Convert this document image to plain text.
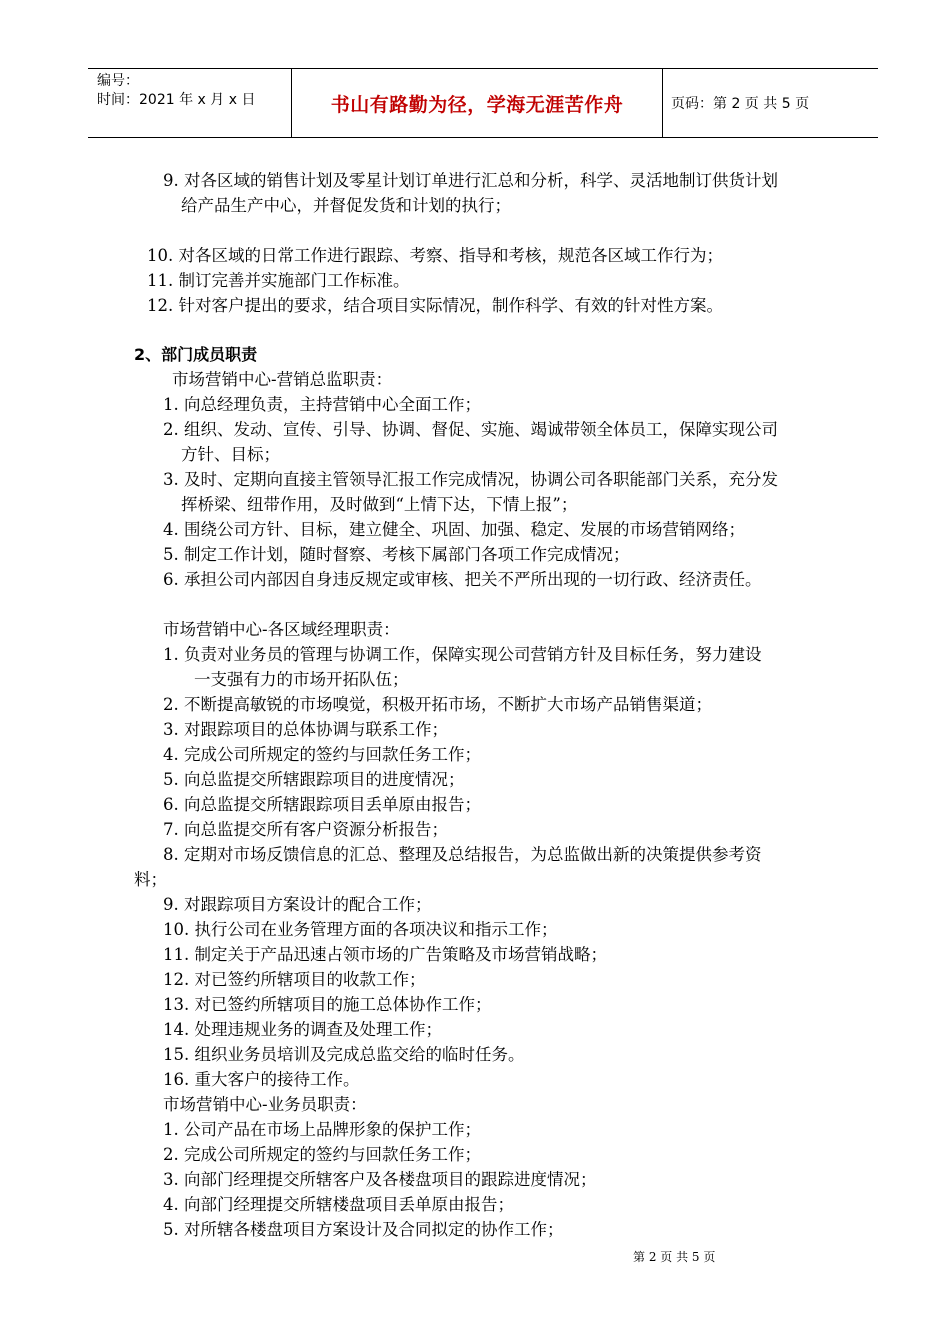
编号：
时间：2021 年 x 月 x 日	书山有路勤为径，学海无涯苦作舟	页码：第 2 页 共 5 页
9. 对各区域的销售计划及零星计划订单进行汇总和分析，科学、灵活地制订供货计划
给产品生产中心，并督促发货和计划的执行；
10. 对各区域的日常工作进行跟踪、考察、指导和考核，规范各区域工作行为；
11. 制订完善并实施部门工作标准。
12. 针对客户提出的要求，结合项目实际情况，制作科学、有效的针对性方案。
2、部门成员职责
市场营销中心-营销总监职责：
1. 向总经理负责，主持营销中心全面工作；
2. 组织、发动、宣传、引导、协调、督促、实施、竭诚带领全体员工，保障实现公司
方针、目标；
3. 及时、定期向直接主管领导汇报工作完成情况，协调公司各职能部门关系，充分发
挥桥梁、纽带作用，及时做到“上情下达，下情上报”；
4. 围绕公司方针、目标，建立健全、巩固、加强、稳定、发展的市场营销网络；
5. 制定工作计划，随时督察、考核下属部门各项工作完成情况；
6. 承担公司内部因自身违反规定或审核、把关不严所出现的一切行政、经济责任。
市场营销中心-各区域经理职责：
1. 负责对业务员的管理与协调工作，保障实现公司营销方针及目标任务，努力建设
一支强有力的市场开拓队伍；
2. 不断提高敏锐的市场嗅觉，积极开拓市场，不断扩大市场产品销售渠道；
3. 对跟踪项目的总体协调与联系工作；
4. 完成公司所规定的签约与回款任务工作；
5. 向总监提交所辖跟踪项目的进度情况；
6. 向总监提交所辖跟踪项目丢单原由报告；
7. 向总监提交所有客户资源分析报告；
8. 定期对市场反馈信息的汇总、整理及总结报告，为总监做出新的决策提供参考资
料；
9. 对跟踪项目方案设计的配合工作；
10. 执行公司在业务管理方面的各项决议和指示工作；
11. 制定关于产品迅速占领市场的广告策略及市场营销战略；
12. 对已签约所辖项目的收款工作；
13. 对已签约所辖项目的施工总体协作工作；
14. 处理违规业务的调查及处理工作；
15. 组织业务员培训及完成总监交给的临时任务。
16. 重大客户的接待工作。
市场营销中心-业务员职责：
1. 公司产品在市场上品牌形象的保护工作；
2. 完成公司所规定的签约与回款任务工作；
3. 向部门经理提交所辖客户及各楼盘项目的跟踪进度情况；
4. 向部门经理提交所辖楼盘项目丢单原由报告；
5. 对所辖各楼盘项目方案设计及合同拟定的协作工作；
第 2 页 共 5 页
